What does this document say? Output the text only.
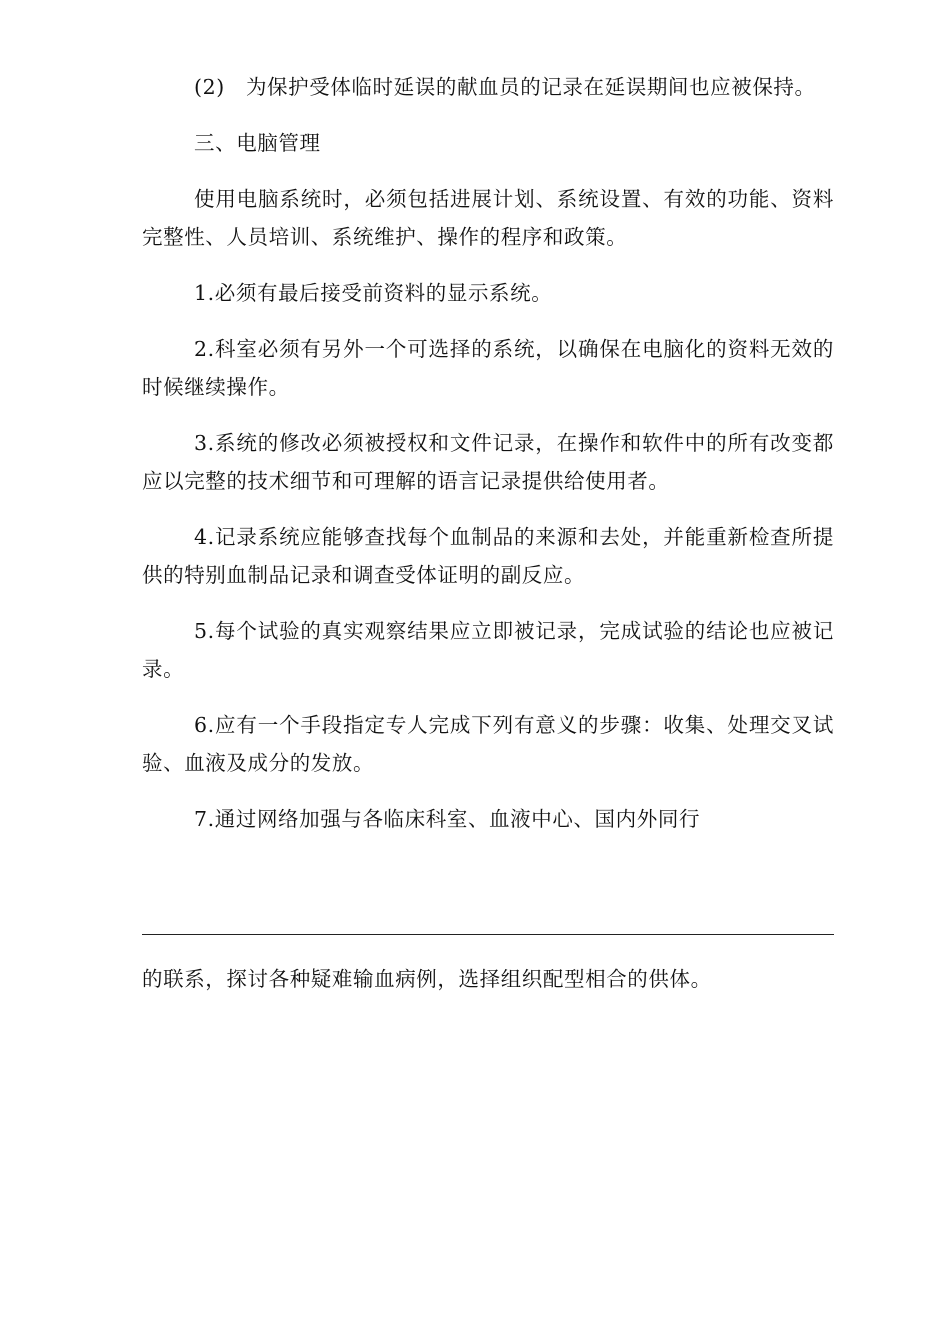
(2)　为保护受体临时延误的献血员的记录在延误期间也应被保持。

三、电脑管理

使用电脑系统时，必须包括进展计划、系统设置、有效的功能、资料完整性、人员培训、系统维护、操作的程序和政策。

1.必须有最后接受前资料的显示系统。

2.科室必须有另外一个可选择的系统，以确保在电脑化的资料无效的时候继续操作。

3.系统的修改必须被授权和文件记录，在操作和软件中的所有改变都应以完整的技术细节和可理解的语言记录提供给使用者。

4.记录系统应能够查找每个血制品的来源和去处，并能重新检查所提供的特别血制品记录和调查受体证明的副反应。

5.每个试验的真实观察结果应立即被记录，完成试验的结论也应被记录。

6.应有一个手段指定专人完成下列有意义的步骤：收集、处理交叉试验、血液及成分的发放。

7.通过网络加强与各临床科室、血液中心、国内外同行

的联系，探讨各种疑难输血病例，选择组织配型相合的供体。
